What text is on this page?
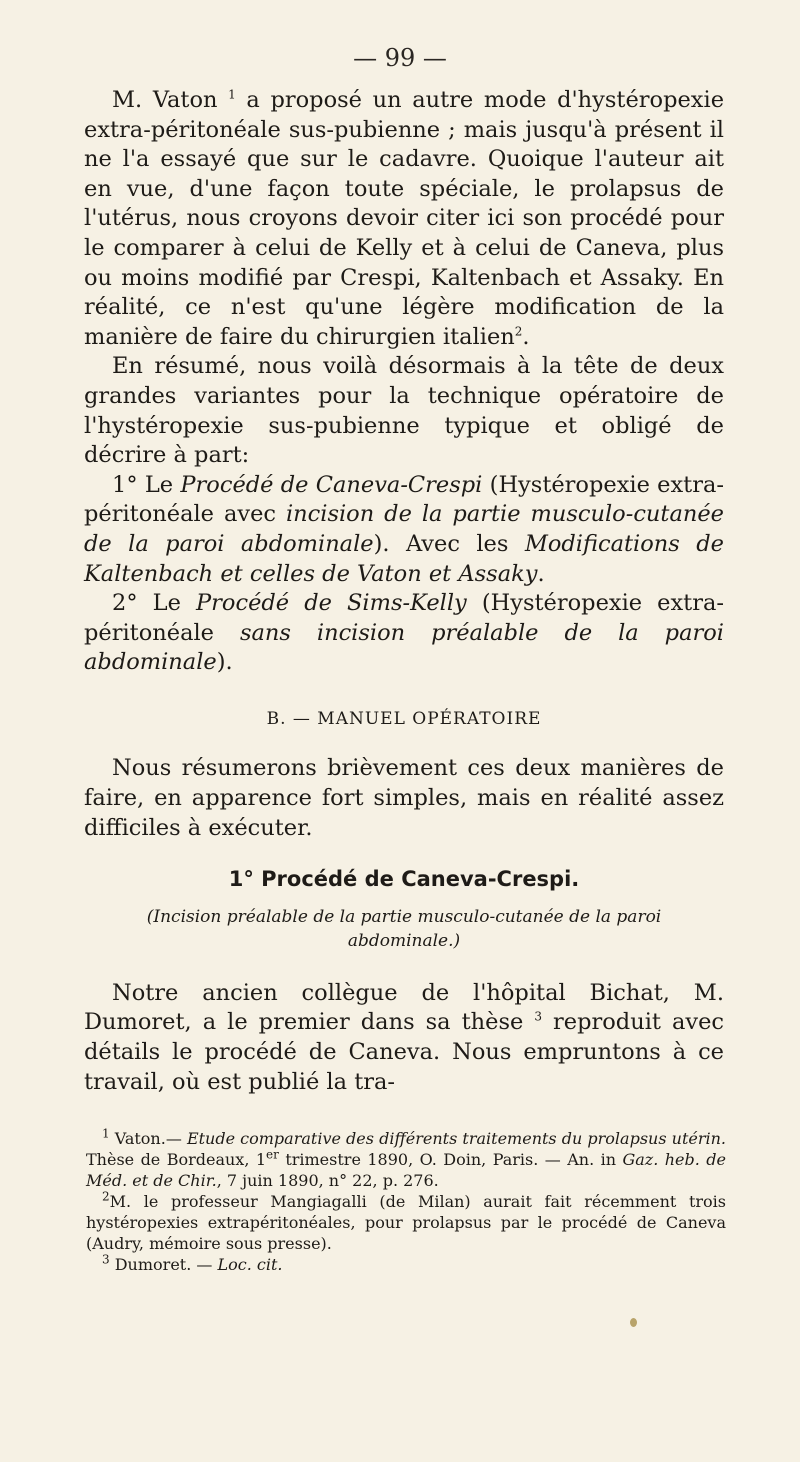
— 99 —

M. Vaton $^1$ a proposé un autre mode d'hystéropexie extra-péritonéale sus-pubienne ; mais jusqu'à présent il ne l'a essayé que sur le cadavre. Quoique l'auteur ait en vue, d'une façon toute spéciale, le prolapsus de l'utérus, nous croyons devoir citer ici son procédé pour le comparer à celui de Kelly et à celui de Caneva, plus ou moins modifié par Crespi, Kaltenbach et Assaky. En réalité, ce n'est qu'une légère modification de la manière de faire du chirurgien italien$^2$.

En résumé, nous voilà désormais à la tête de deux grandes variantes pour la technique opératoire de l'hystéropexie sus-pubienne typique et obligé de décrire à part:

1° Le Procédé de Caneva-Crespi (Hystéropexie extra-péritonéale avec incision de la partie musculo-cutanée de la paroi abdominale). Avec les Modifications de Kaltenbach et celles de Vaton et Assaky.

2° Le Procédé de Sims-Kelly (Hystéropexie extra-péritonéale sans incision préalable de la paroi abdominale).

B. — MANUEL OPÉRATOIRE

Nous résumerons brièvement ces deux manières de faire, en apparence fort simples, mais en réalité assez difficiles à exécuter.

1° Procédé de Caneva-Crespi.
(Incision préalable de la partie musculo-cutanée de la paroi abdominale.)

Notre ancien collègue de l'hôpital Bichat, M. Dumoret, a le premier dans sa thèse $^3$ reproduit avec détails le procédé de Caneva. Nous empruntons à ce travail, où est publié la tra-

$^1$ Vaton.— Etude comparative des différents traitements du prolapsus utérin. Thèse de Bordeaux, 1er trimestre 1890, O. Doin, Paris. — An. in Gaz. heb. de Méd. et de Chir., 7 juin 1890, n° 22, p. 276.

$^2$M. le professeur Mangiagalli (de Milan) aurait fait récemment trois hystéropexies extrapéritonéales, pour prolapsus par le procédé de Caneva (Audry, mémoire sous presse).

$^3$ Dumoret. — Loc. cit.
